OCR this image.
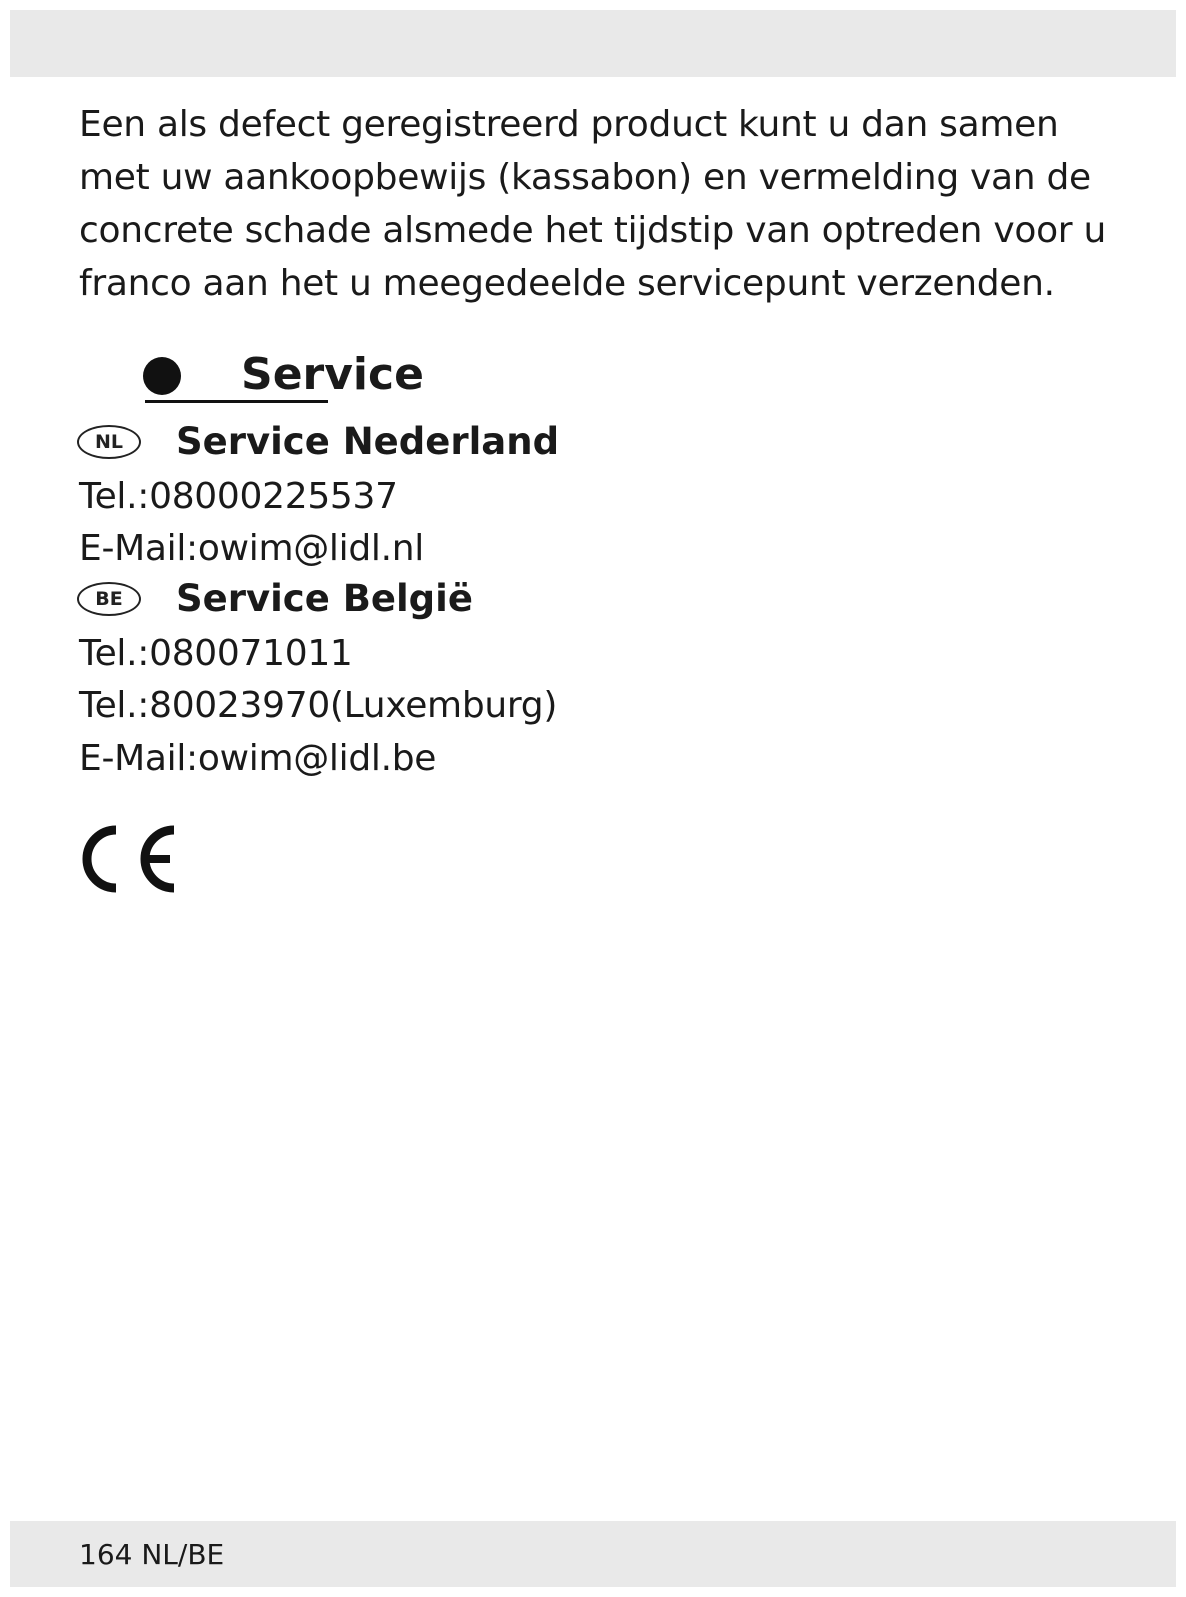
Een als defect geregistreerd product kunt u dan samen
met uw aankoopbewijs (kassabon) en vermelding van de
concrete schade alsmede het tijdstip van optreden voor u
franco aan het u meegedeelde servicepunt verzenden.
Service
NL	Service Nederland
Tel.:08000225537
E-Mail:owim@lidl.nl
BE	Service België
Tel.:080071011
Tel.:80023970(Luxemburg)
E-Mail:owim@lidl.be
164 NL/BE
